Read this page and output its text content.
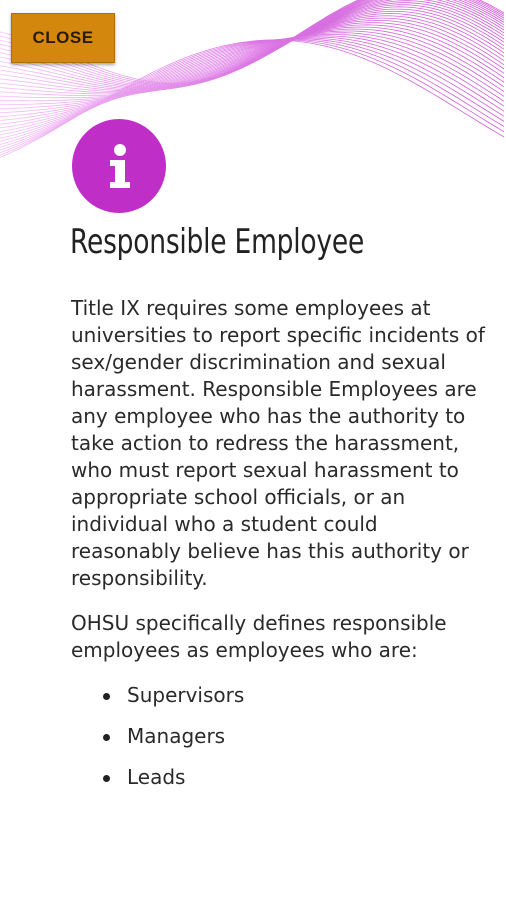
CLOSE
Responsible Employee

Title IX requires some employees at universities to report specific incidents of sex/gender discrimination and sexual harassment. Responsible Employees are any employee who has the authority to take action to redress the harassment, who must report sexual harassment to appropriate school officials, or an individual who a student could reasonably believe has this authority or responsibility.

OHSU specifically defines responsible employees as employees who are:

Supervisors
Managers
Leads
